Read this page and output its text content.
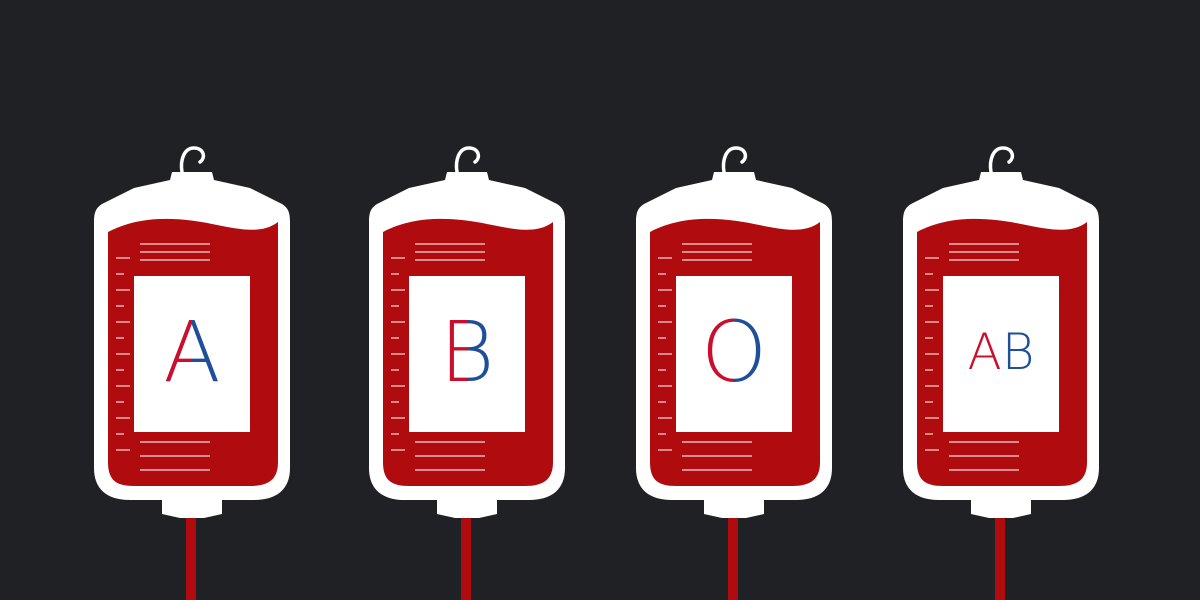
A	B O	AB
